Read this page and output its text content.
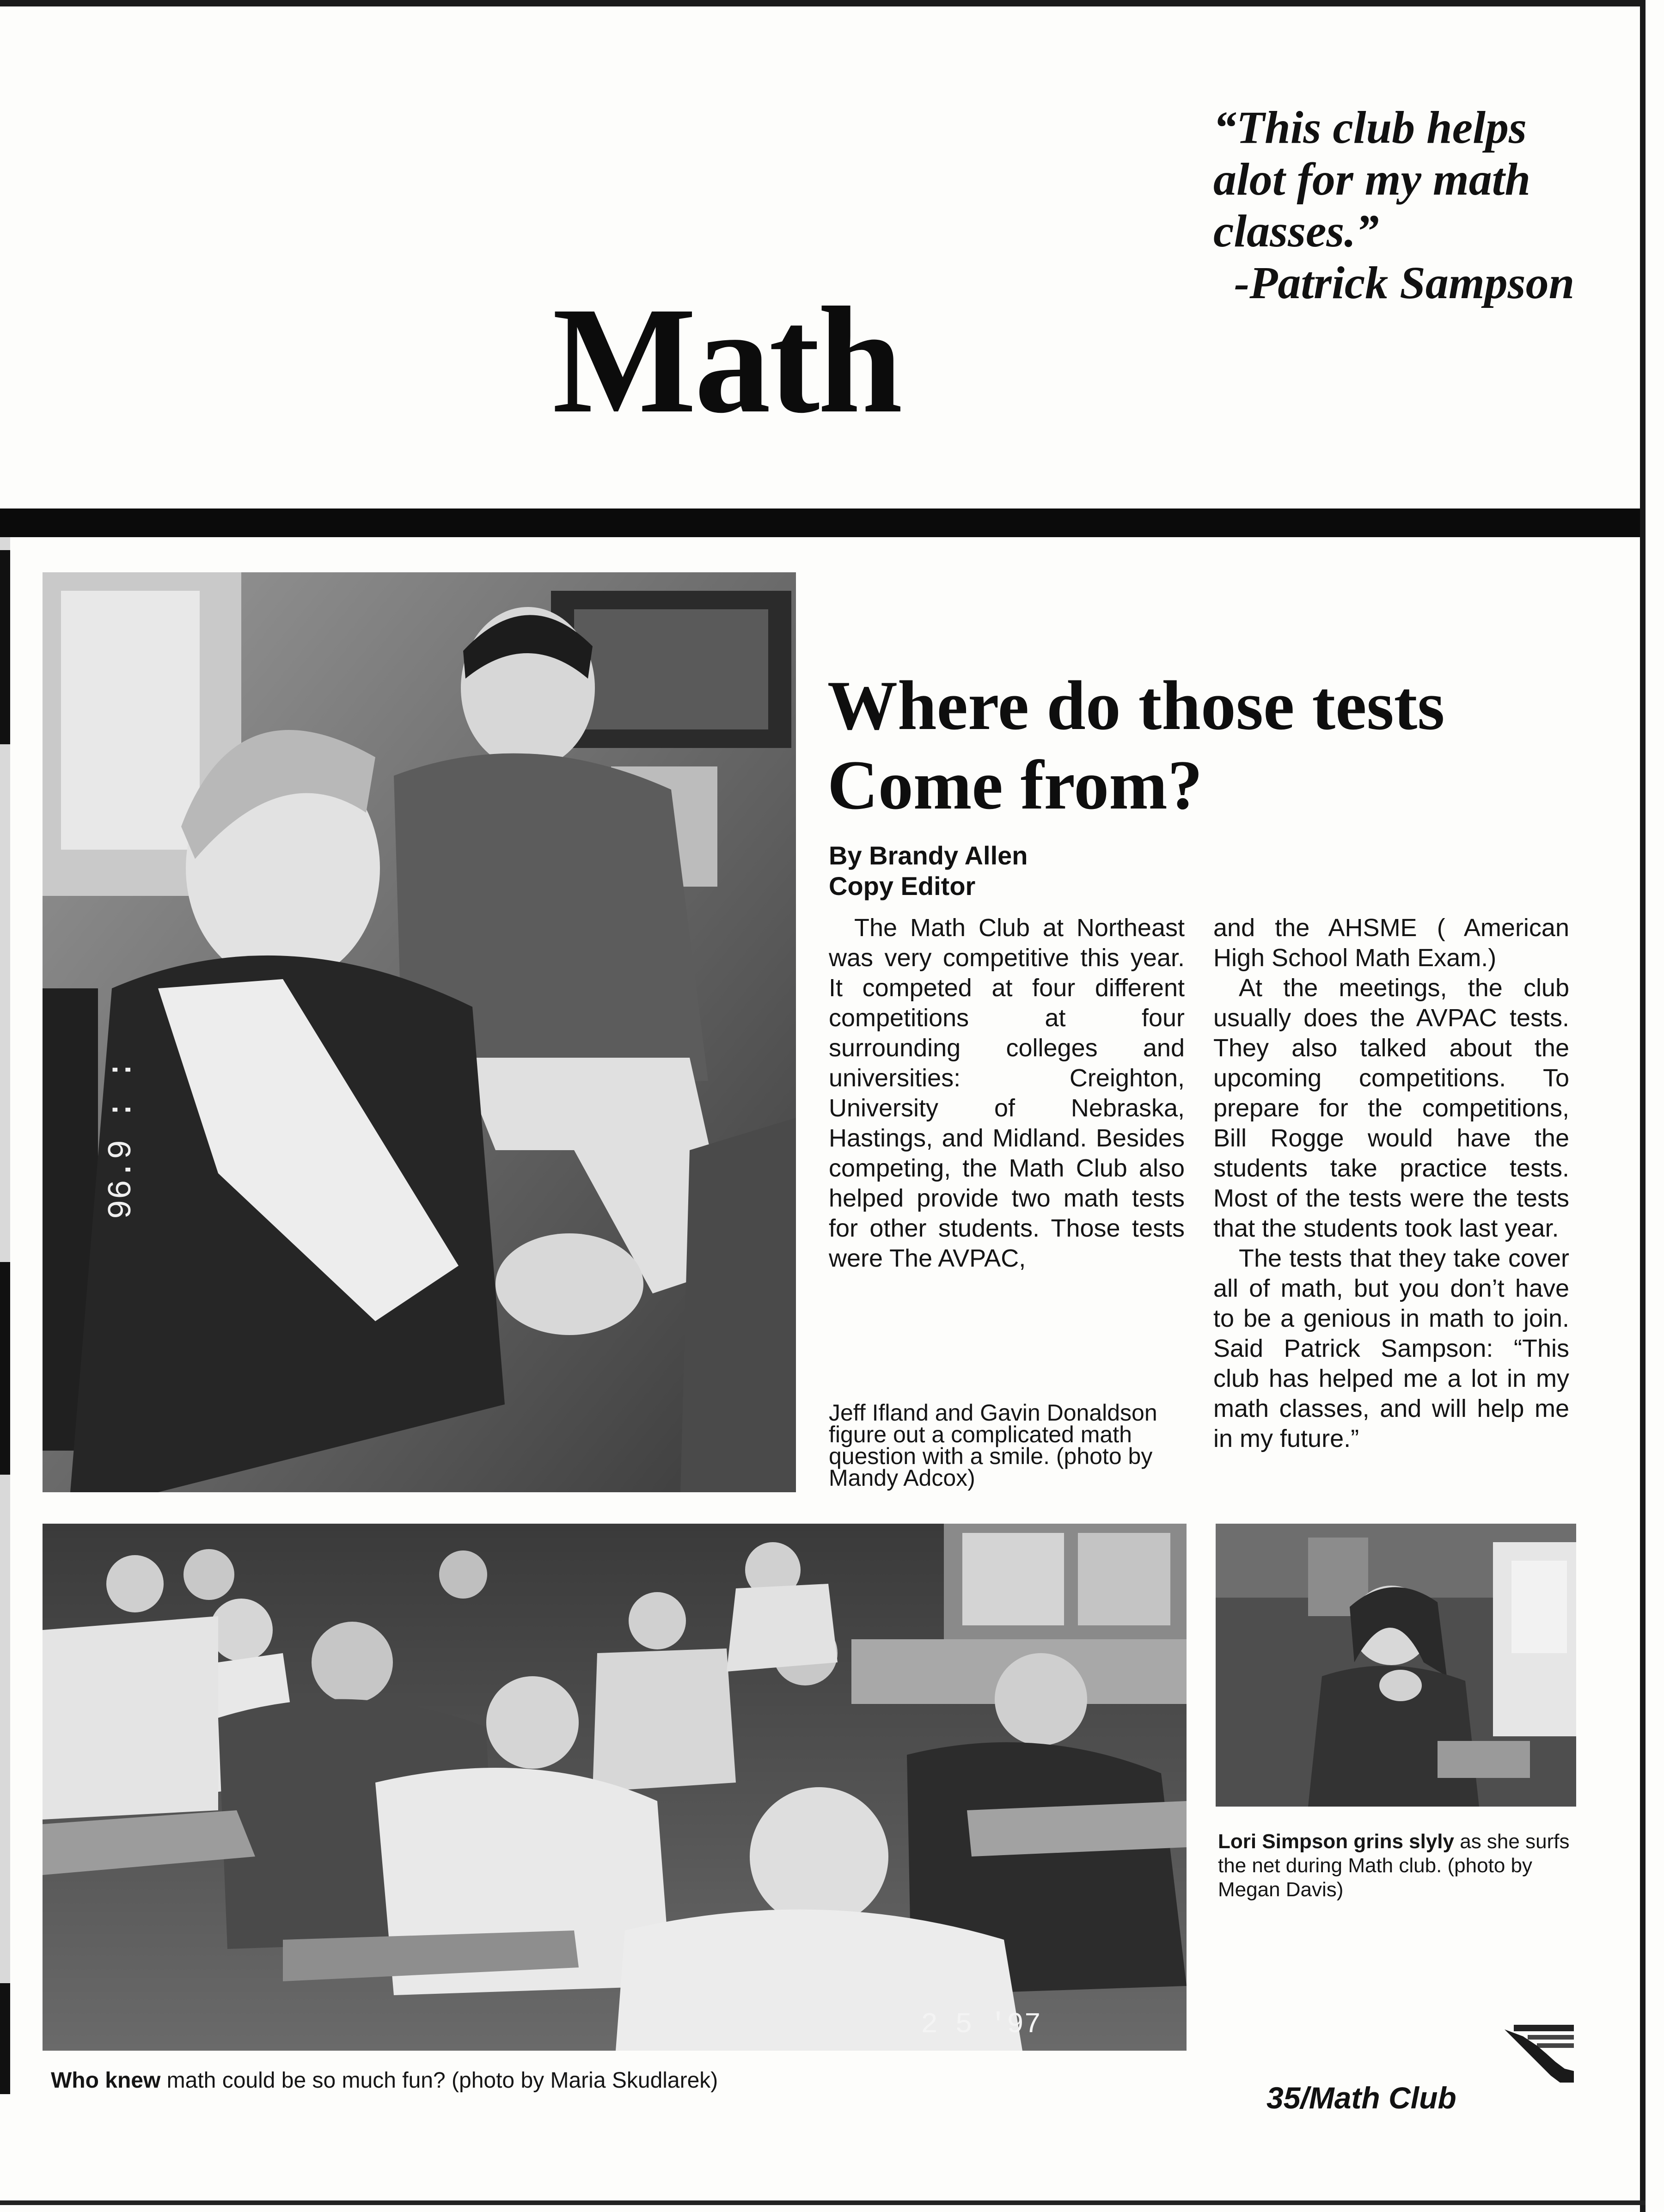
“This club helps
alot for my math
classes.”
-Patrick Sampson
Math
96.9 : :
Where do those tests
Come from?
By Brandy Allen
Copy Editor

The Math Club at Northeast was very competitive this year. It competed at four different competitions at four surrounding colleges and universities: Creighton, University of Nebraska, Hastings, and Midland. Besides competing, the Math Club also helped provide two math tests for other students. Those tests were The AVPAC,

and the AHSME ( American High School Math Exam.)

At the meetings, the club usually does the AVPAC tests. They also talked about the upcoming competitions. To prepare for the competitions, Bill Rogge would have the students take practice tests. Most of the tests were the tests that the students took last year.

The tests that they take cover all of math, but you don’t have to be a genious in math to join. Said Patrick Sampson: “This club has helped me a lot in my math classes, and will help me in my future.”

Jeff Ifland and Gavin Donaldson figure out a complicated math question with a smile. (photo by Mandy Adcox)
2 5 '97
Lori Simpson grins slyly as she surfs the net during Math club. (photo by Megan Davis)
Who knew math could be so much fun? (photo by Maria Skudlarek)
35/Math Club
